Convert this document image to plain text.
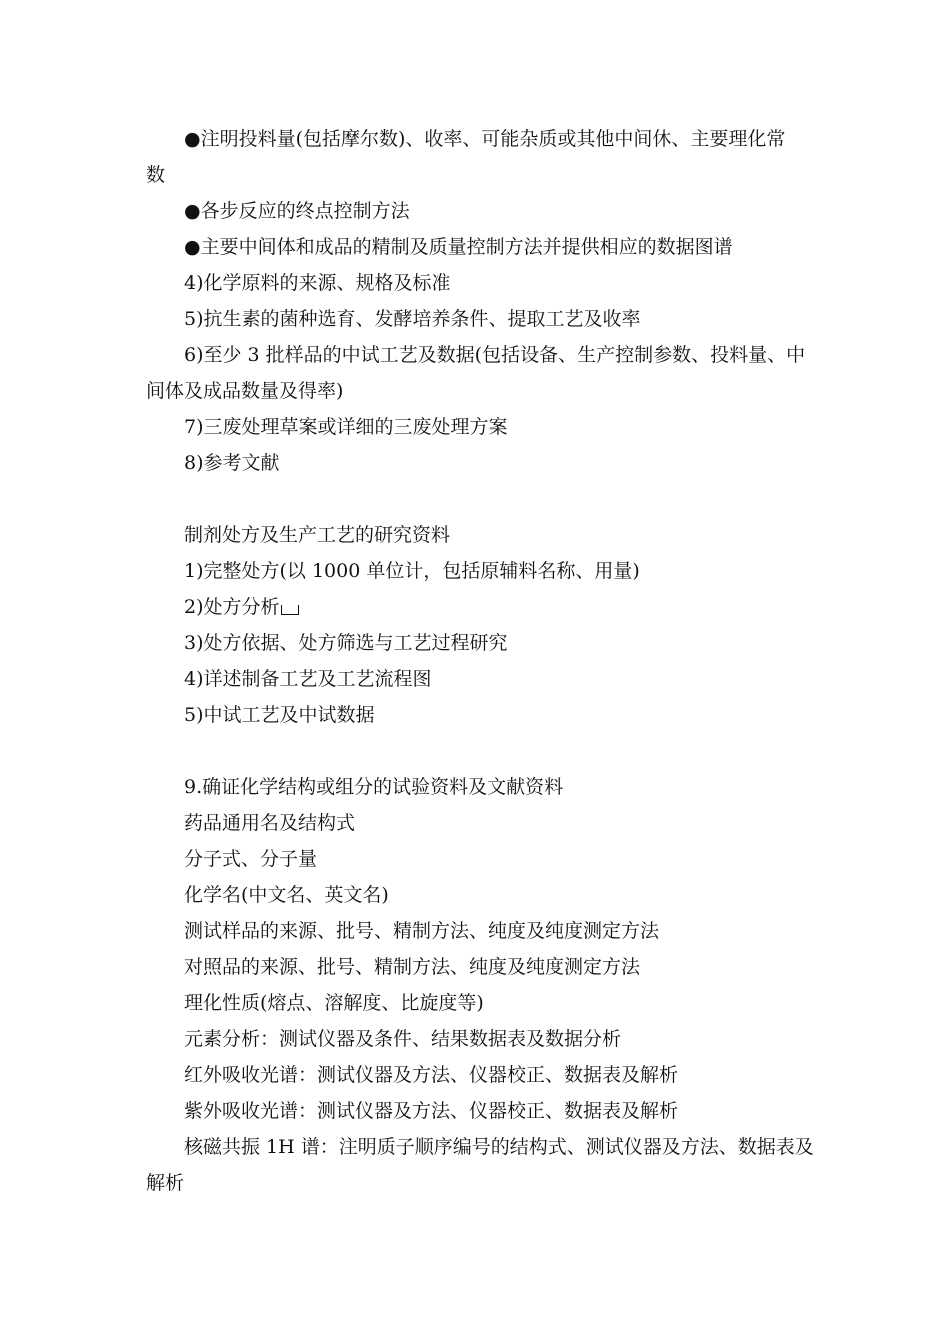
●注明投料量(包括摩尔数)、收率、可能杂质或其他中间休、主要理化常
数
●各步反应的终点控制方法
●主要中间体和成品的精制及质量控制方法并提供相应的数据图谱
4)化学原料的来源、规格及标准
5)抗生素的菌种选育、发酵培养条件、提取工艺及收率
6)至少 3 批样品的中试工艺及数据(包括设备、生产控制参数、投料量、中
间体及成品数量及得率)
7)三废处理草案或详细的三废处理方案
8)参考文献
制剂处方及生产工艺的研究资料
1)完整处方(以 1000 单位计，包括原辅料名称、用量)
2)处方分析
3)处方依据、处方筛选与工艺过程研究
4)详述制备工艺及工艺流程图
5)中试工艺及中试数据
9.确证化学结构或组分的试验资料及文献资料
药品通用名及结构式
分子式、分子量
化学名(中文名、英文名)
测试样品的来源、批号、精制方法、纯度及纯度测定方法
对照品的来源、批号、精制方法、纯度及纯度测定方法
理化性质(熔点、溶解度、比旋度等)
元素分析：测试仪器及条件、结果数据表及数据分析
红外吸收光谱：测试仪器及方法、仪器校正、数据表及解析
紫外吸收光谱：测试仪器及方法、仪器校正、数据表及解析
核磁共振 1H 谱：注明质子顺序编号的结构式、测试仪器及方法、数据表及
解析
